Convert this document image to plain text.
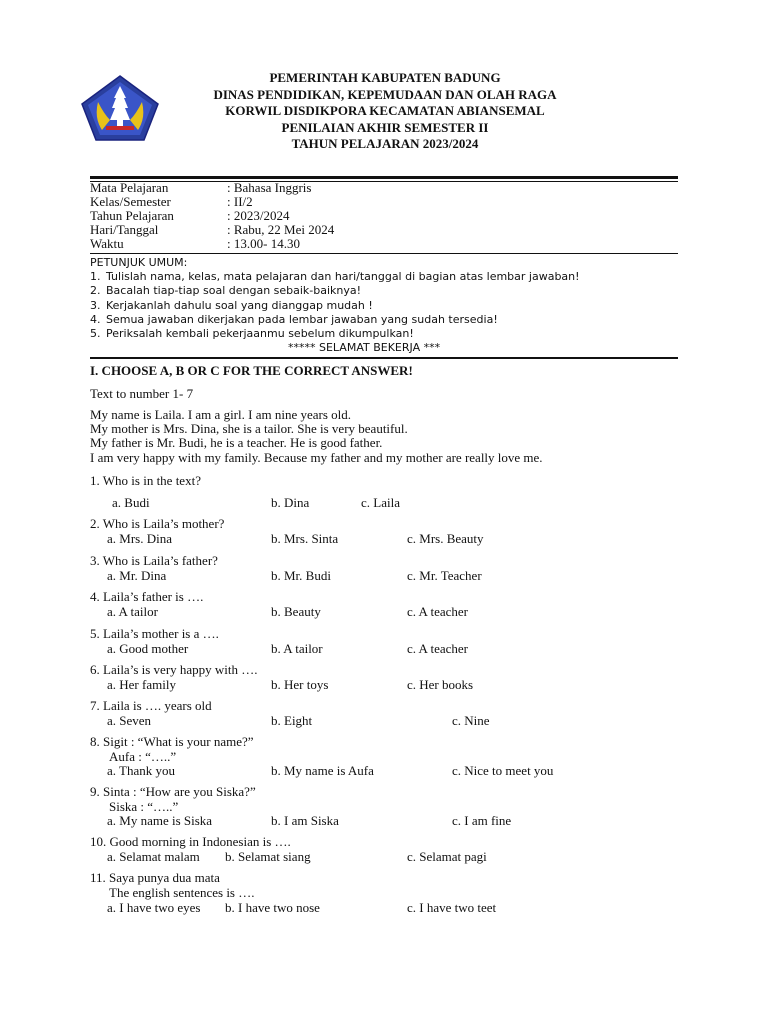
PEMERINTAH KABUPATEN BADUNG
DINAS PENDIDIKAN, KEPEMUDAAN DAN OLAH RAGA
KORWIL DISDIKPORA KECAMATAN ABIANSEMAL
PENILAIAN AKHIR SEMESTER II
TAHUN PELAJARAN 2023/2024
Mata Pelajaran	: Bahasa Inggris
Kelas/Semester	: II/2
Tahun Pelajaran	: 2023/2024
Hari/Tanggal	: Rabu, 22 Mei 2024
Waktu	: 13.00- 14.30
PETUNJUK UMUM:
1. Tulislah nama, kelas, mata pelajaran dan hari/tanggal di bagian atas lembar jawaban!
2. Bacalah tiap-tiap soal dengan sebaik-baiknya!
3. Kerjakanlah dahulu soal yang dianggap mudah !
4. Semua jawaban dikerjakan pada lembar jawaban yang sudah tersedia!
5. Periksalah kembali pekerjaanmu sebelum dikumpulkan!
***** SELAMAT BEKERJA ***
I. CHOOSE A, B OR C FOR THE CORRECT ANSWER!
Text to number 1- 7
My name is Laila. I am a girl. I am nine years old.
My mother is Mrs. Dina, she is a tailor. She is very beautiful.
My father is Mr. Budi, he is a teacher. He is good father.
I am very happy with my family. Because my father and my mother are really love me.
1. Who is in the text?
a. Budi	b. Dina	c. Laila
2. Who is Laila’s mother?
a. Mrs. Dina	b. Mrs. Sinta	c. Mrs. Beauty
3. Who is Laila’s father?
a. Mr. Dina	b. Mr. Budi	c. Mr. Teacher
4. Laila’s father is ….
a. A tailor	b. Beauty	c. A teacher
5. Laila’s mother is a ….
a. Good mother	b. A tailor	c. A teacher
6. Laila’s is very happy with ….
a. Her family	b. Her toys	c. Her books
7. Laila is …. years old
a. Seven	b. Eight	c. Nine
8. Sigit : “What is your name?”
Aufa : “…..”
a. Thank you	b. My name is Aufa	c. Nice to meet you
9. Sinta : “How are you Siska?”
Siska : “…..”
a. My name is Siska	b. I am Siska	c. I am fine
10. Good morning in Indonesian is ….
a. Selamat malam b. Selamat siang	c. Selamat pagi
11. Saya punya dua mata
The english sentences is ….
a. I have two eyes b. I have two nose	c. I have two teet
